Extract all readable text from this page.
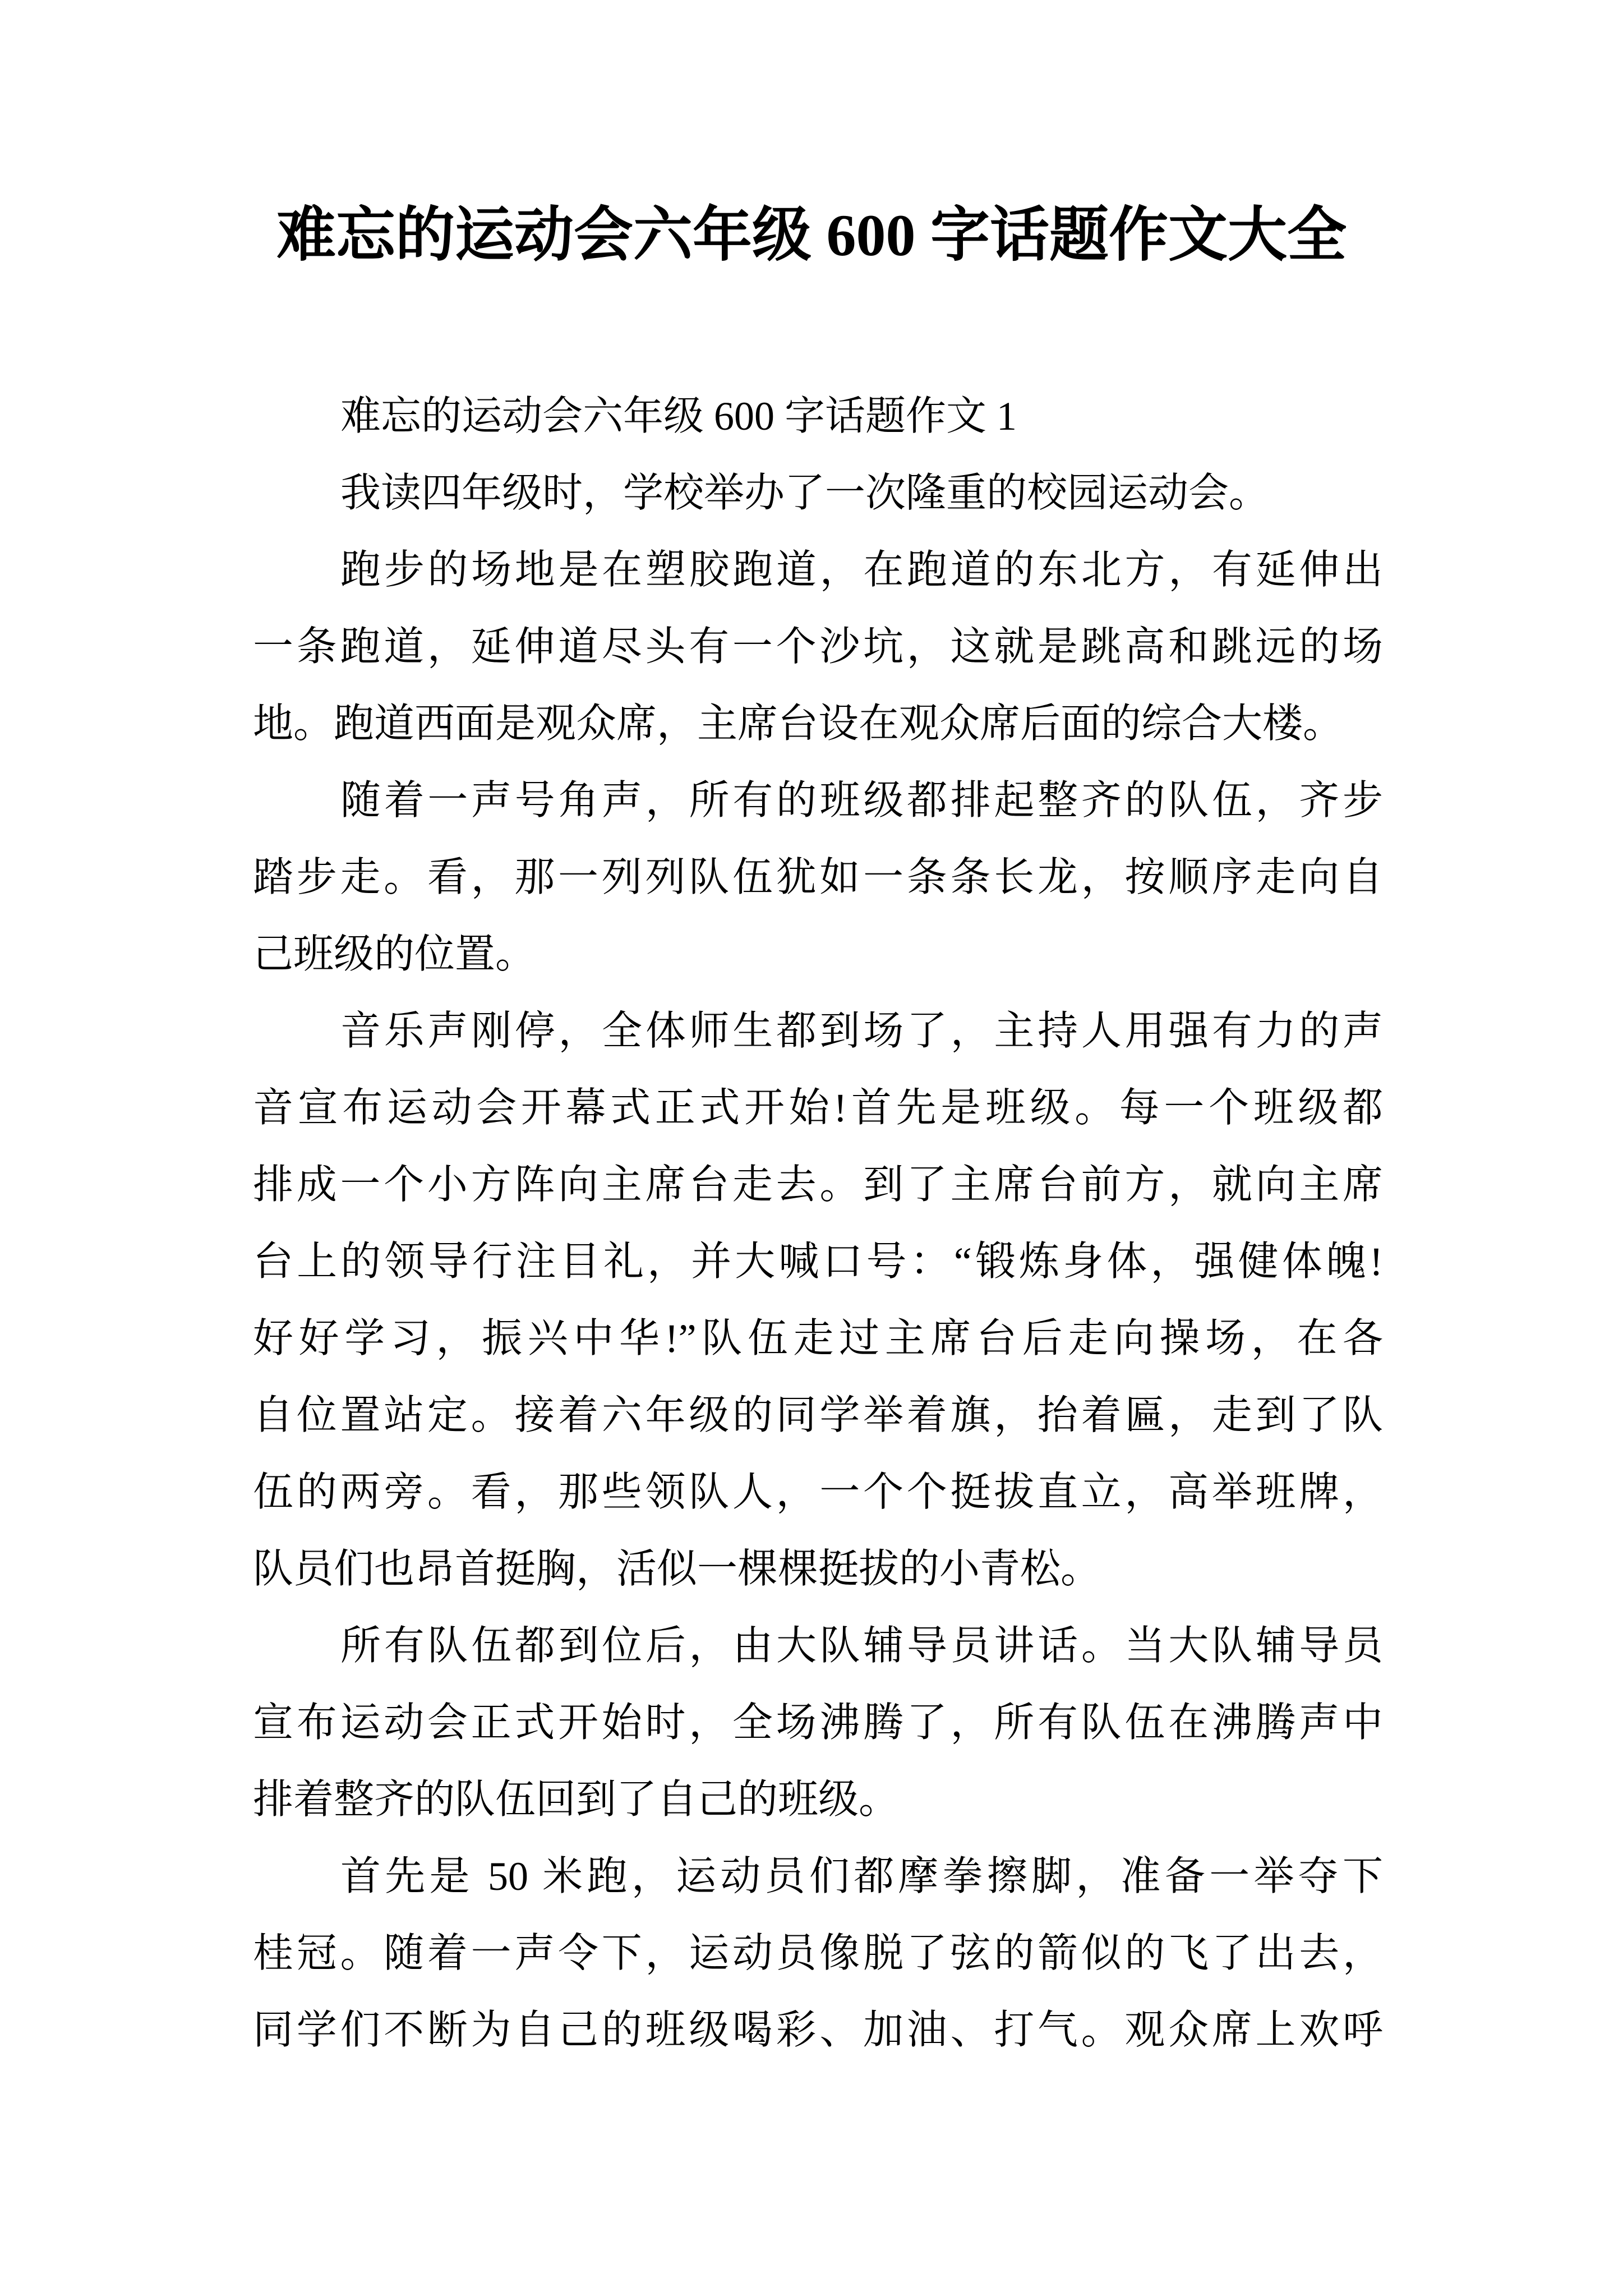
难忘的运动会六年级 600 字话题作文大全
难忘的运动会六年级 600 字话题作文 1
我读四年级时，学校举办了一次隆重的校园运动会。
跑步的场地是在塑胶跑道，在跑道的东北方，有延伸出
一条跑道，延伸道尽头有一个沙坑，这就是跳高和跳远的场
地。跑道西面是观众席，主席台设在观众席后面的综合大楼。
随着一声号角声，所有的班级都排起整齐的队伍，齐步
踏步走。看，那一列列队伍犹如一条条长龙，按顺序走向自
己班级的位置。
音乐声刚停，全体师生都到场了，主持人用强有力的声
音宣布运动会开幕式正式开始!首先是班级。每一个班级都
排成一个小方阵向主席台走去。到了主席台前方，就向主席
台上的领导行注目礼，并大喊口号：“锻炼身体，强健体魄!
好好学习，振兴中华!”队伍走过主席台后走向操场，在各
自位置站定。接着六年级的同学举着旗，抬着匾，走到了队
伍的两旁。看，那些领队人，一个个挺拔直立，高举班牌，
队员们也昂首挺胸，活似一棵棵挺拔的小青松。
所有队伍都到位后，由大队辅导员讲话。当大队辅导员
宣布运动会正式开始时，全场沸腾了，所有队伍在沸腾声中
排着整齐的队伍回到了自己的班级。
首先是 50 米跑，运动员们都摩拳擦脚，准备一举夺下
桂冠。随着一声令下，运动员像脱了弦的箭似的飞了出去，
同学们不断为自己的班级喝彩、加油、打气。观众席上欢呼
